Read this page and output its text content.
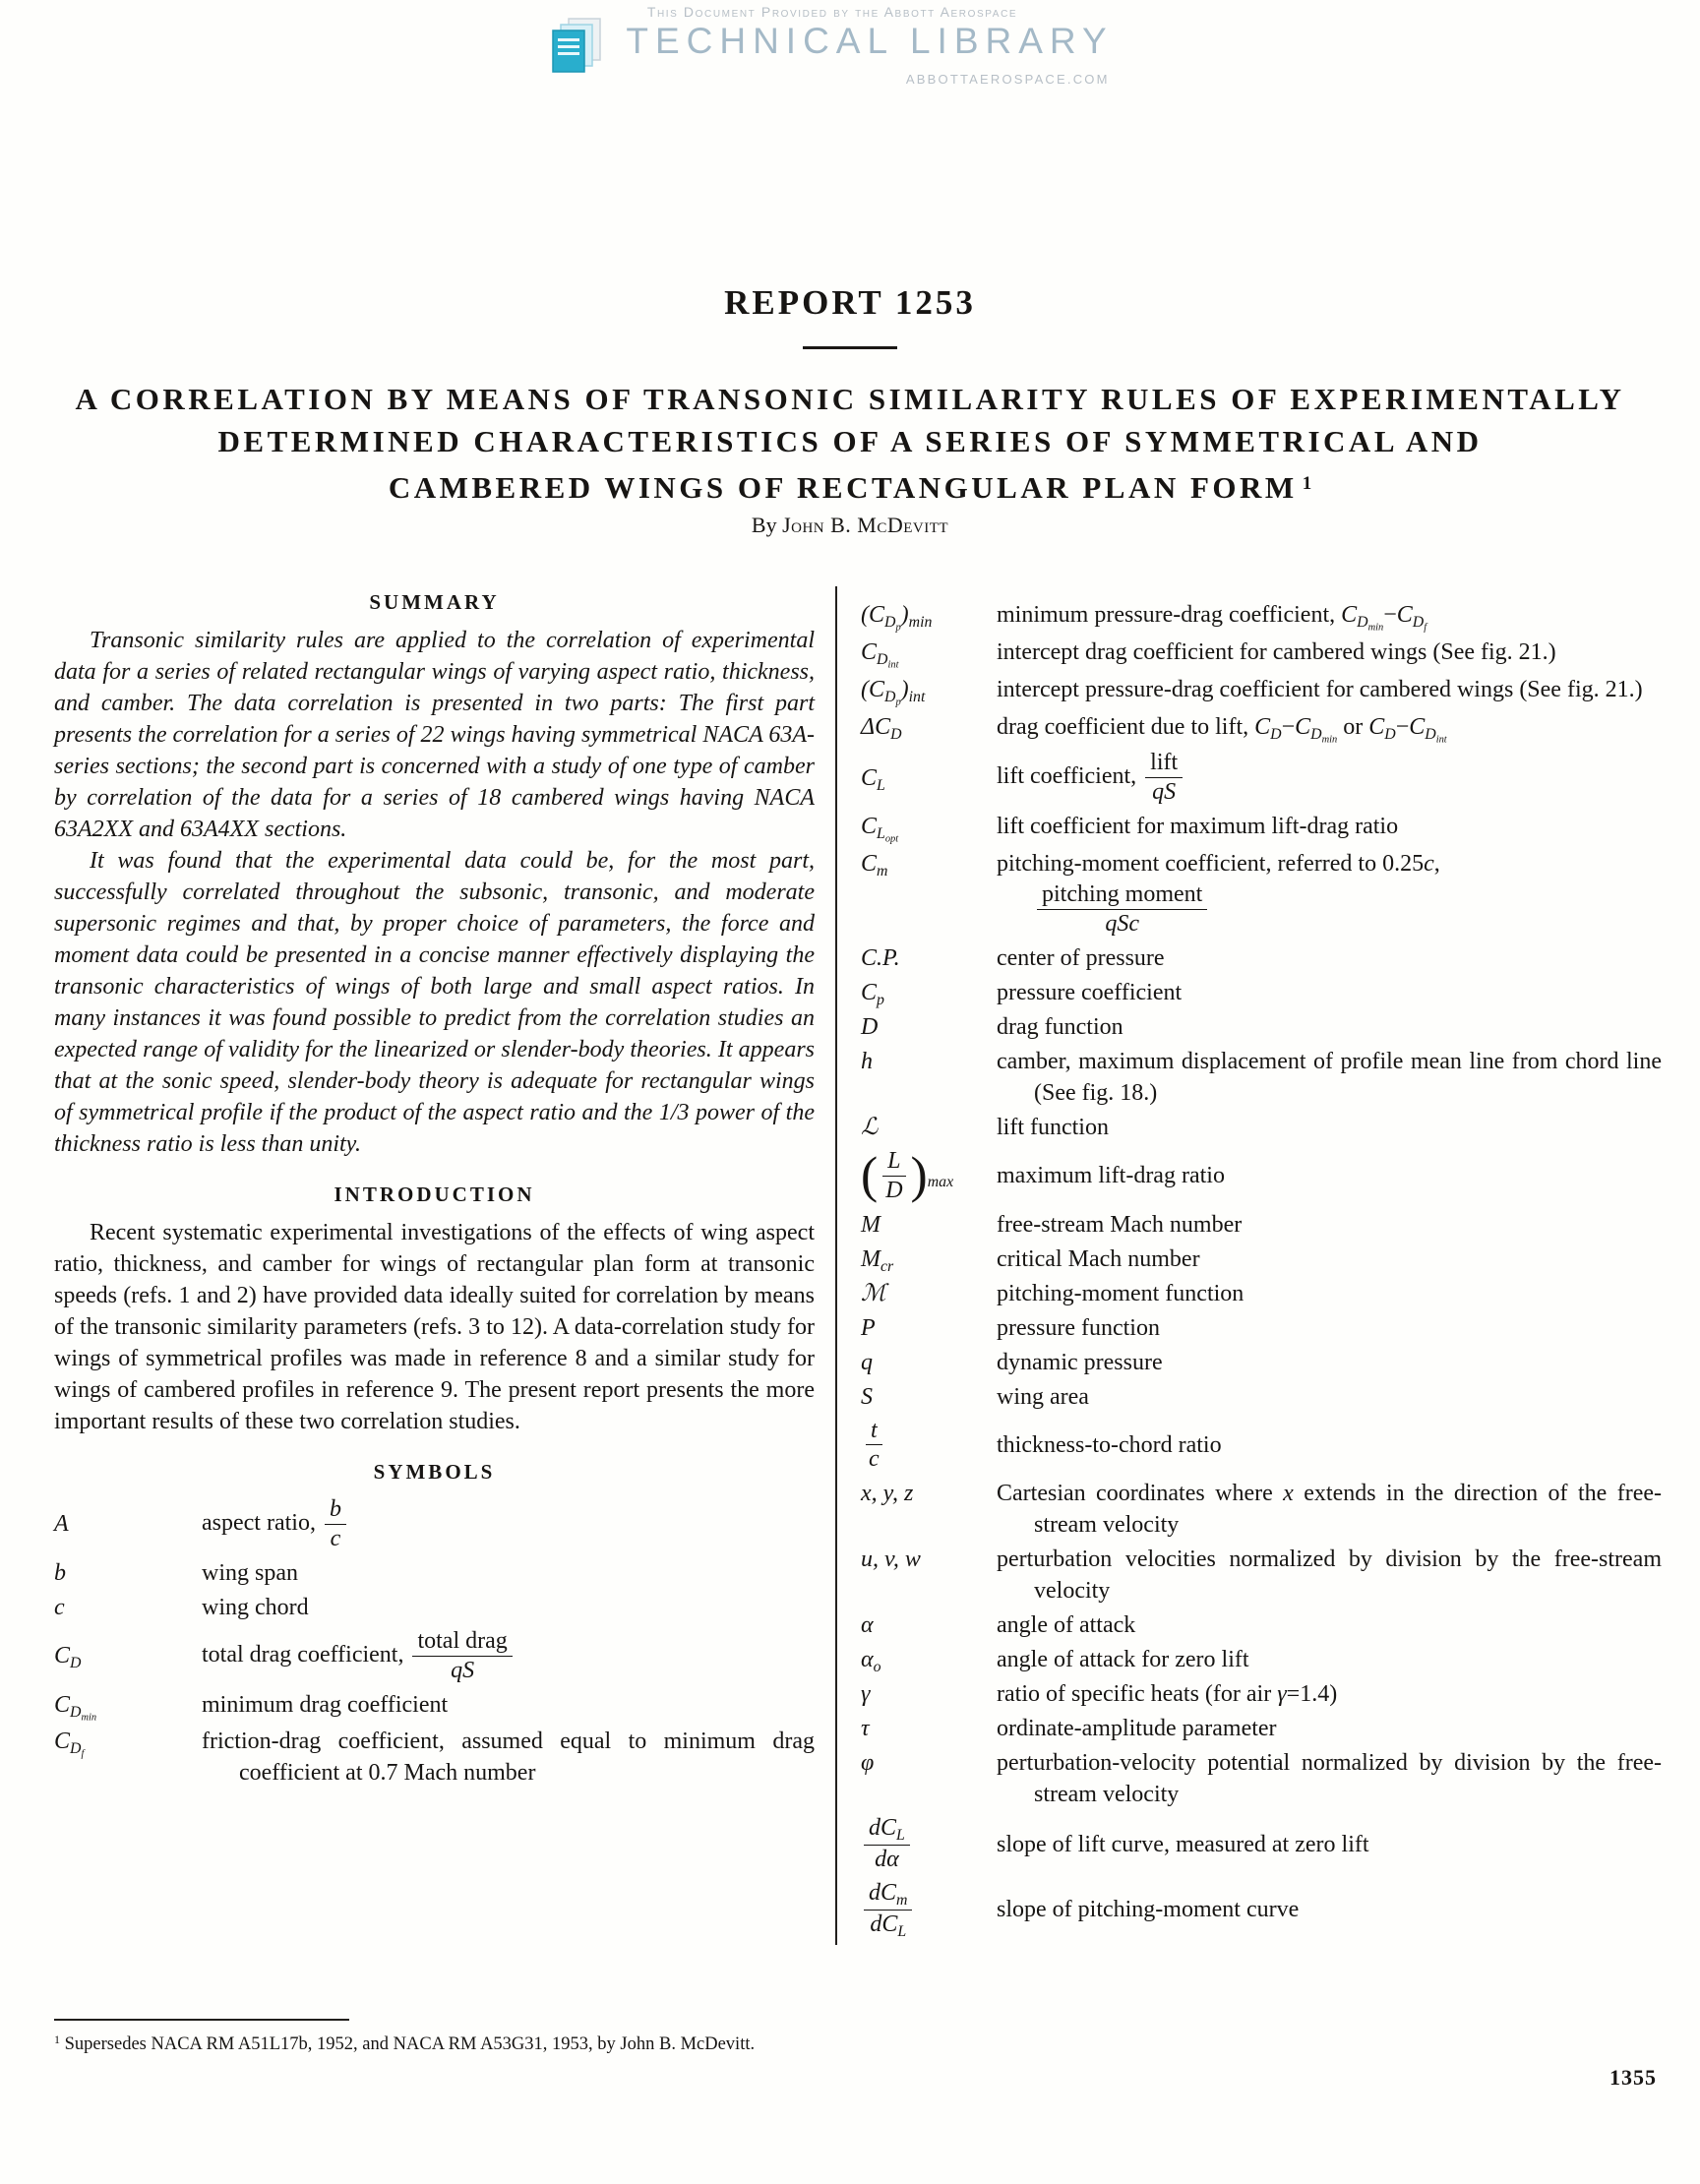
This Document Provided by the Abbott Aerospace
TECHNICAL LIBRARY
ABBOTTAEROSPACE.COM
REPORT 1253
A CORRELATION BY MEANS OF TRANSONIC SIMILARITY RULES OF EXPERIMENTALLY
DETERMINED CHARACTERISTICS OF A SERIES OF SYMMETRICAL AND
CAMBERED WINGS OF RECTANGULAR PLAN FORM $^1$
By John B. McDevitt
SUMMARY

Transonic similarity rules are applied to the correlation of experimental data for a series of related rectangular wings of varying aspect ratio, thickness, and camber. The data correlation is presented in two parts: The first part presents the correlation for a series of 22 wings having symmetrical NACA 63A-series sections; the second part is concerned with a study of one type of camber by correlation of the data for a series of 18 cambered wings having NACA 63A2XX and 63A4XX sections.

It was found that the experimental data could be, for the most part, successfully correlated throughout the subsonic, transonic, and moderate supersonic regimes and that, by proper choice of parameters, the force and moment data could be presented in a concise manner effectively displaying the transonic characteristics of wings of both large and small aspect ratios. In many instances it was found possible to predict from the correlation studies an expected range of validity for the linearized or slender-body theories. It appears that at the sonic speed, slender-body theory is adequate for rectangular wings of symmetrical profile if the product of the aspect ratio and the 1/3 power of the thickness ratio is less than unity.

INTRODUCTION

Recent systematic experimental investigations of the effects of wing aspect ratio, thickness, and camber for wings of rectangular plan form at transonic speeds (refs. 1 and 2) have provided data ideally suited for correlation by means of the transonic similarity parameters (refs. 3 to 12). A data-correlation study for wings of symmetrical profiles was made in reference 8 and a similar study for wings of cambered profiles in reference 9. The present report presents the more important results of these two correlation studies.

SYMBOLS
A	aspect ratio, $\frac{b}{c}$
b	wing span
c	wing chord
$C_D$	total drag coefficient, $\frac{\text{total drag}}{qS}$
$C_{D_{min}}$	minimum drag coefficient
$C_{D_f}$	friction-drag coefficient, assumed equal to minimum drag coefficient at 0.7 Mach number
$(C_{D_p})_{min}$	minimum pressure-drag coefficient, $C_{D_{min}}-C_{D_f}$
$C_{D_{int}}$	intercept drag coefficient for cambered wings (See fig. 21.)
$(C_{D_p})_{int}$	intercept pressure-drag coefficient for cambered wings (See fig. 21.)
$\Delta C_D$	drag coefficient due to lift, $C_D-C_{D_{min}}$ or $C_D-C_{D_{int}}$
$C_L$	lift coefficient, $\frac{\text{lift}}{qS}$
$C_{L_{opt}}$	lift coefficient for maximum lift-drag ratio
$C_m$	pitching-moment coefficient, referred to 0.25c,

$\frac{\text{pitching moment}}{\text{qSc}}$
C.P.	center of pressure
$C_p$	pressure coefficient
D	drag function
h	camber, maximum displacement of profile mean line from chord line (See fig. 18.)
ℒ	lift function
( $\frac{L}{D} )_{max}$	maximum lift-drag ratio
M	free-stream Mach number
$M_{cr}$	critical Mach number
ℳ	pitching-moment function
P	pressure function
q	dynamic pressure
S	wing area
$\frac{t}{c}$	thickness-to-chord ratio
x, y, z	Cartesian coordinates where x extends in the direction of the free-stream velocity
u, v, w	perturbation velocities normalized by division by the free-stream velocity
α	angle of attack
$\alpha_o$	angle of attack for zero lift
γ	ratio of specific heats (for air γ=1.4)
τ	ordinate-amplitude parameter
φ	perturbation-velocity potential normalized by division by the free-stream velocity
$\frac{dC_L}{d\alpha}$	slope of lift curve, measured at zero lift
$\frac{dC_m}{dC_L}$	slope of pitching-moment curve

$^1$ Supersedes NACA RM A51L17b, 1952, and NACA RM A53G31, 1953, by John B. McDevitt.

1355
